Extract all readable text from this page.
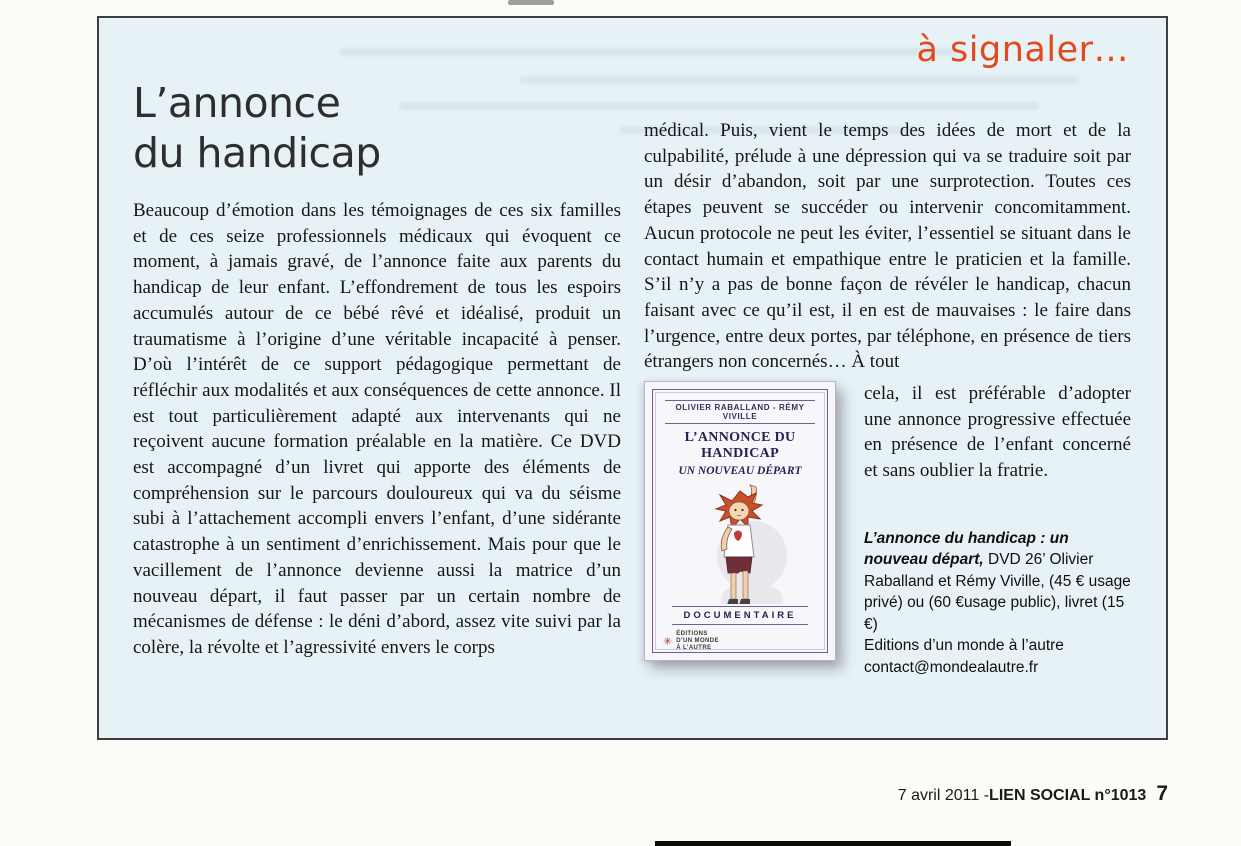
à signaler…
L’annonce
du handicap

Beaucoup d’émotion dans les témoignages de ces six familles et de ces seize professionnels médicaux qui évoquent ce moment, à jamais gravé, de l’annonce faite aux parents du handicap de leur enfant. L’effondrement de tous les espoirs accumulés autour de ce bébé rêvé et idéalisé, produit un traumatisme à l’origine d’une véritable incapacité à penser. D’où l’intérêt de ce support pédagogique permettant de réfléchir aux modalités et aux conséquences de cette annonce. Il est tout particulièrement adapté aux intervenants qui ne reçoivent aucune formation préalable en la matière. Ce DVD est accompagné d’un livret qui apporte des éléments de compréhension sur le parcours douloureux qui va du séisme subi à l’attachement accompli envers l’enfant, d’une sidérante catastrophe à un sentiment d’enrichissement. Mais pour que le vacillement de l’annonce devienne aussi la matrice d’un nouveau départ, il faut passer par un certain nombre de mécanismes de défense : le déni d’abord, assez vite suivi par la colère, la révolte et l’agressivité envers le corps

médical. Puis, vient le temps des idées de mort et de la culpabilité, prélude à une dépression qui va se traduire soit par un désir d’abandon, soit par une surprotection. Toutes ces étapes peuvent se succéder ou intervenir concomitamment. Aucun protocole ne peut les éviter, l’essentiel se situant dans le contact humain et empathique entre le praticien et la famille. S’il n’y a pas de bonne façon de révéler le handicap, chacun faisant avec ce qu’il est, il en est de mauvaises : le faire dans l’urgence, entre deux portes, par téléphone, en présence de tiers étrangers non concernés… À tout

OLIVIER RABALLAND - RÉMY VIVILLE
L’ANNONCE DU HANDICAP
UN NOUVEAU DÉPART
DOCUMENTAIRE
✳
ÉDITIONS
D’UN MONDE
À L’AUTRE

cela, il est préférable d’adopter une annonce progressive effectuée en présence de l’enfant concerné et sans oublier la fratrie.

L’annonce du handicap : un nouveau départ, DVD 26’ Olivier Raballand et Rémy Viville, (45 € usage privé) ou (60 €usage public), livret (15 €)
Editions d’un monde à l’autre
contact@mondealautre.fr
7 avril 2011 - LIEN SOCIAL n°1013 7
